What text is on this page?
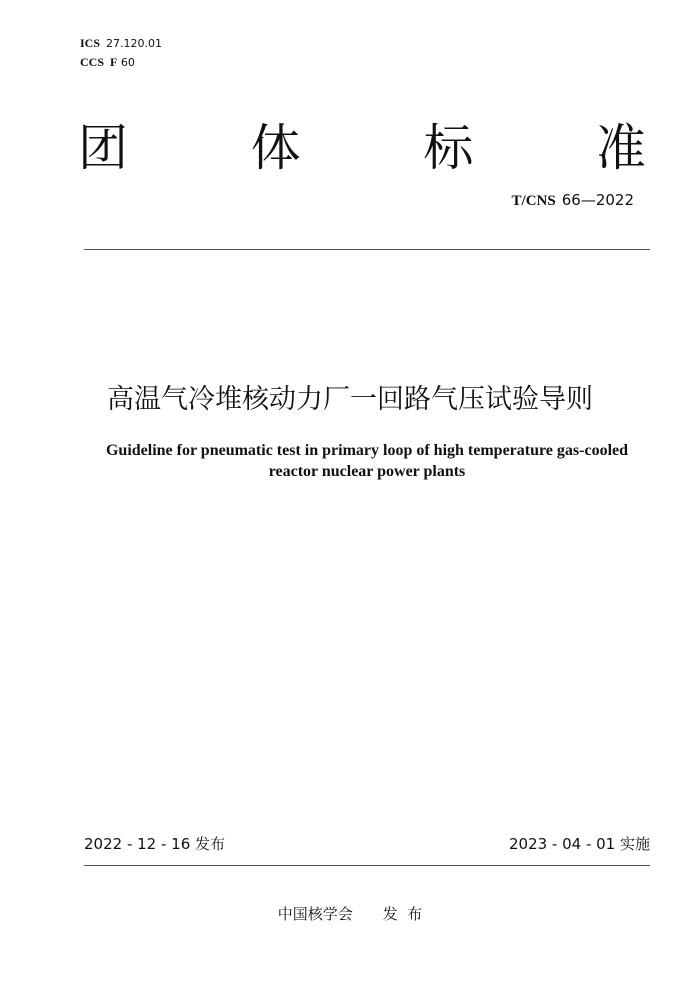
ICS 27.120.01
CCS F 60
团 体 标 准
T/CNS 66—2022
高温气冷堆核动力厂一回路气压试验导则
Guideline for pneumatic test in primary loop of high temperature gas-cooled
reactor nuclear power plants
2022 - 12 - 16 发布	2023 - 04 - 01 实施
中国核学会 发  布
